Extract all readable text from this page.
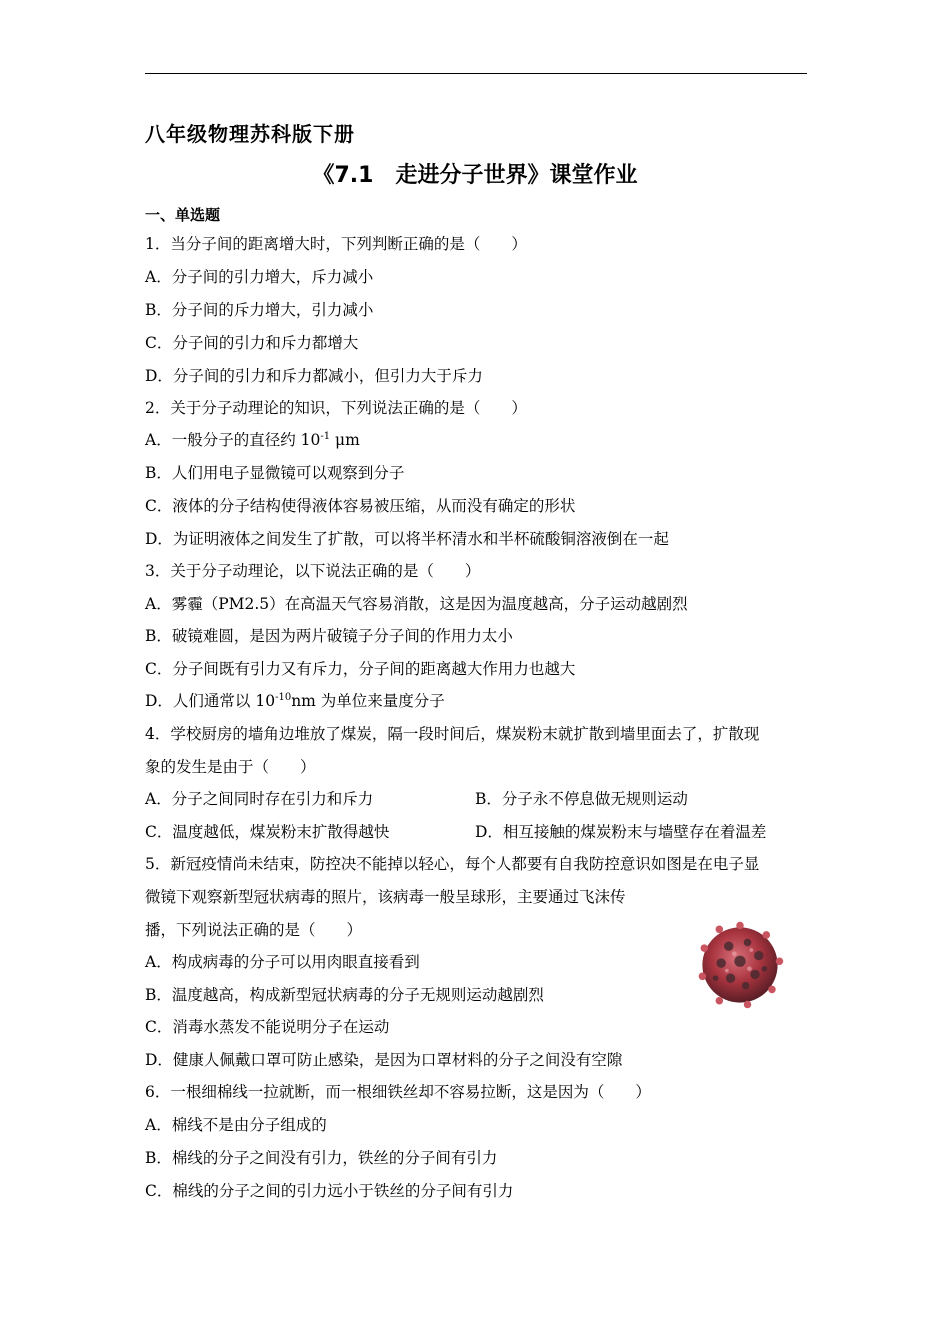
八年级物理苏科版下册
《7.1　走进分子世界》课堂作业
一、单选题
1．当分子间的距离增大时，下列判断正确的是（　　）
A．分子间的引力增大，斥力减小
B．分子间的斥力增大，引力减小
C．分子间的引力和斥力都增大
D．分子间的引力和斥力都减小，但引力大于斥力
2．关于分子动理论的知识，下列说法正确的是（　　）
A．一般分子的直径约 $10^{-1}$ μm
B．人们用电子显微镜可以观察到分子
C．液体的分子结构使得液体容易被压缩，从而没有确定的形状
D．为证明液体之间发生了扩散，可以将半杯清水和半杯硫酸铜溶液倒在一起
3．关于分子动理论，以下说法正确的是（　　）
A．雾霾（PM2.5）在高温天气容易消散，这是因为温度越高，分子运动越剧烈
B．破镜难圆，是因为两片破镜子分子间的作用力太小
C．分子间既有引力又有斥力，分子间的距离越大作用力也越大
D．人们通常以 $10^{-10}nm$ 为单位来量度分子
4．学校厨房的墙角边堆放了煤炭，隔一段时间后，煤炭粉末就扩散到墙里面去了，扩散现
象的发生是由于（　　）
A．分子之间同时存在引力和斥力	B．分子永不停息做无规则运动
C．温度越低，煤炭粉末扩散得越快	D．相互接触的煤炭粉末与墙壁存在着温差
5．新冠疫情尚未结束，防控决不能掉以轻心，每个人都要有自我防控意识如图是在电子显
微镜下观察新型冠状病毒的照片，该病毒一般呈球形，主要通过飞沫传
播，下列说法正确的是（　　）
A．构成病毒的分子可以用肉眼直接看到
B．温度越高，构成新型冠状病毒的分子无规则运动越剧烈
C．消毒水蒸发不能说明分子在运动
D．健康人佩戴口罩可防止感染，是因为口罩材料的分子之间没有空隙
6．一根细棉线一拉就断，而一根细铁丝却不容易拉断，这是因为（　　）
A．棉线不是由分子组成的
B．棉线的分子之间没有引力，铁丝的分子间有引力
C．棉线的分子之间的引力远小于铁丝的分子间有引力
